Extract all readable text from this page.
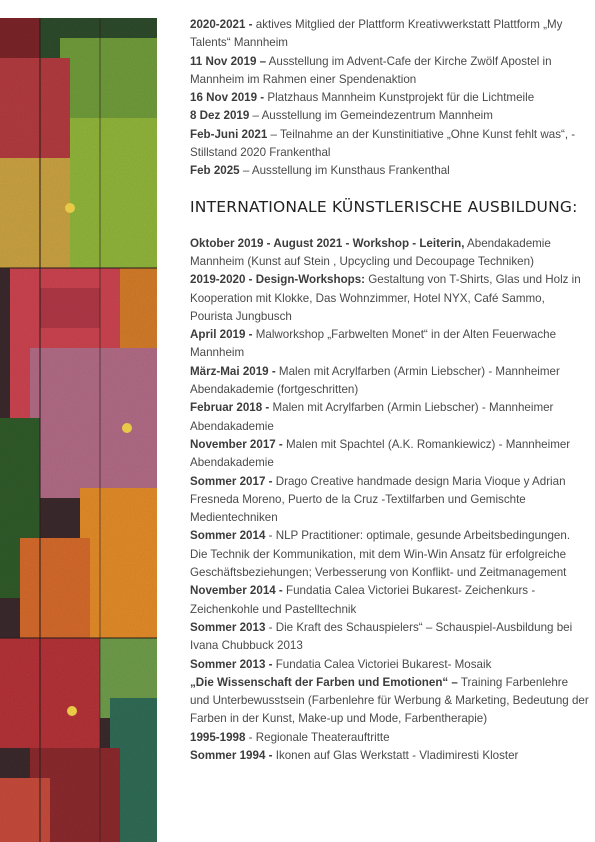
2020-2021 - aktives Mitglied der Plattform Kreativwerkstatt Plattform „My Talents“ Mannheim

11 Nov 2019 – Ausstellung im Advent-Cafe der Kirche Zwölf Apostel in Mannheim im Rahmen einer Spendenaktion

16 Nov 2019 - Platzhaus Mannheim Kunstprojekt für die Lichtmeile

8 Dez 2019 – Ausstellung im Gemeindezentrum Mannheim

Feb-Juni 2021 – Teilnahme an der Kunstinitiative „Ohne Kunst fehlt was“, -Stillstand 2020 Frankenthal

Feb 2025 – Ausstellung im Kunsthaus Frankenthal

INTERNATIONALE KÜNSTLERISCHE AUSBILDUNG:

Oktober 2019 - August 2021 - Workshop - Leiterin, Abendakademie Mannheim (Kunst auf Stein , Upcycling und Decoupage Techniken)

2019-2020 - Design-Workshops: Gestaltung von T-Shirts, Glas und Holz in Kooperation mit Klokke, Das Wohnzimmer, Hotel NYX, Café Sammo, Pourista Jungbusch

April 2019 - Malworkshop „Farbwelten Monet“ in der Alten Feuerwache Mannheim

März-Mai 2019 - Malen mit Acrylfarben (Armin Liebscher) - Mannheimer Abendakademie (fortgeschritten)

Februar 2018 - Malen mit Acrylfarben (Armin Liebscher) - Mannheimer Abendakademie

November 2017 - Malen mit Spachtel (A.K. Romankiewicz) - Mannheimer Abendakademie

Sommer 2017 - Drago Creative handmade design Maria Vioque y Adrian Fresneda Moreno, Puerto de la Cruz -Textilfarben und Gemischte Medientechniken

Sommer 2014 - NLP Practitioner: optimale, gesunde Arbeitsbedingungen. Die Technik der Kommunikation, mit dem Win-Win Ansatz für erfolgreiche Geschäftsbeziehungen; Verbesserung von Konflikt- und Zeitmanagement

November 2014 - Fundatia Calea Victoriei Bukarest- Zeichenkurs - Zeichenkohle und Pastelltechnik

Sommer 2013 - Die Kraft des Schauspielers“ – Schauspiel-Ausbildung bei Ivana Chubbuck 2013

Sommer 2013 - Fundatia Calea Victoriei Bukarest- Mosaik

„Die Wissenschaft der Farben und Emotionen“ – Training Farbenlehre und Unterbewusstsein (Farbenlehre für Werbung & Marketing, Bedeutung der Farben in der Kunst, Make-up und Mode, Farbentherapie)

1995-1998 - Regionale Theaterauftritte

Sommer 1994 - Ikonen auf Glas Werkstatt - Vladimiresti Kloster
